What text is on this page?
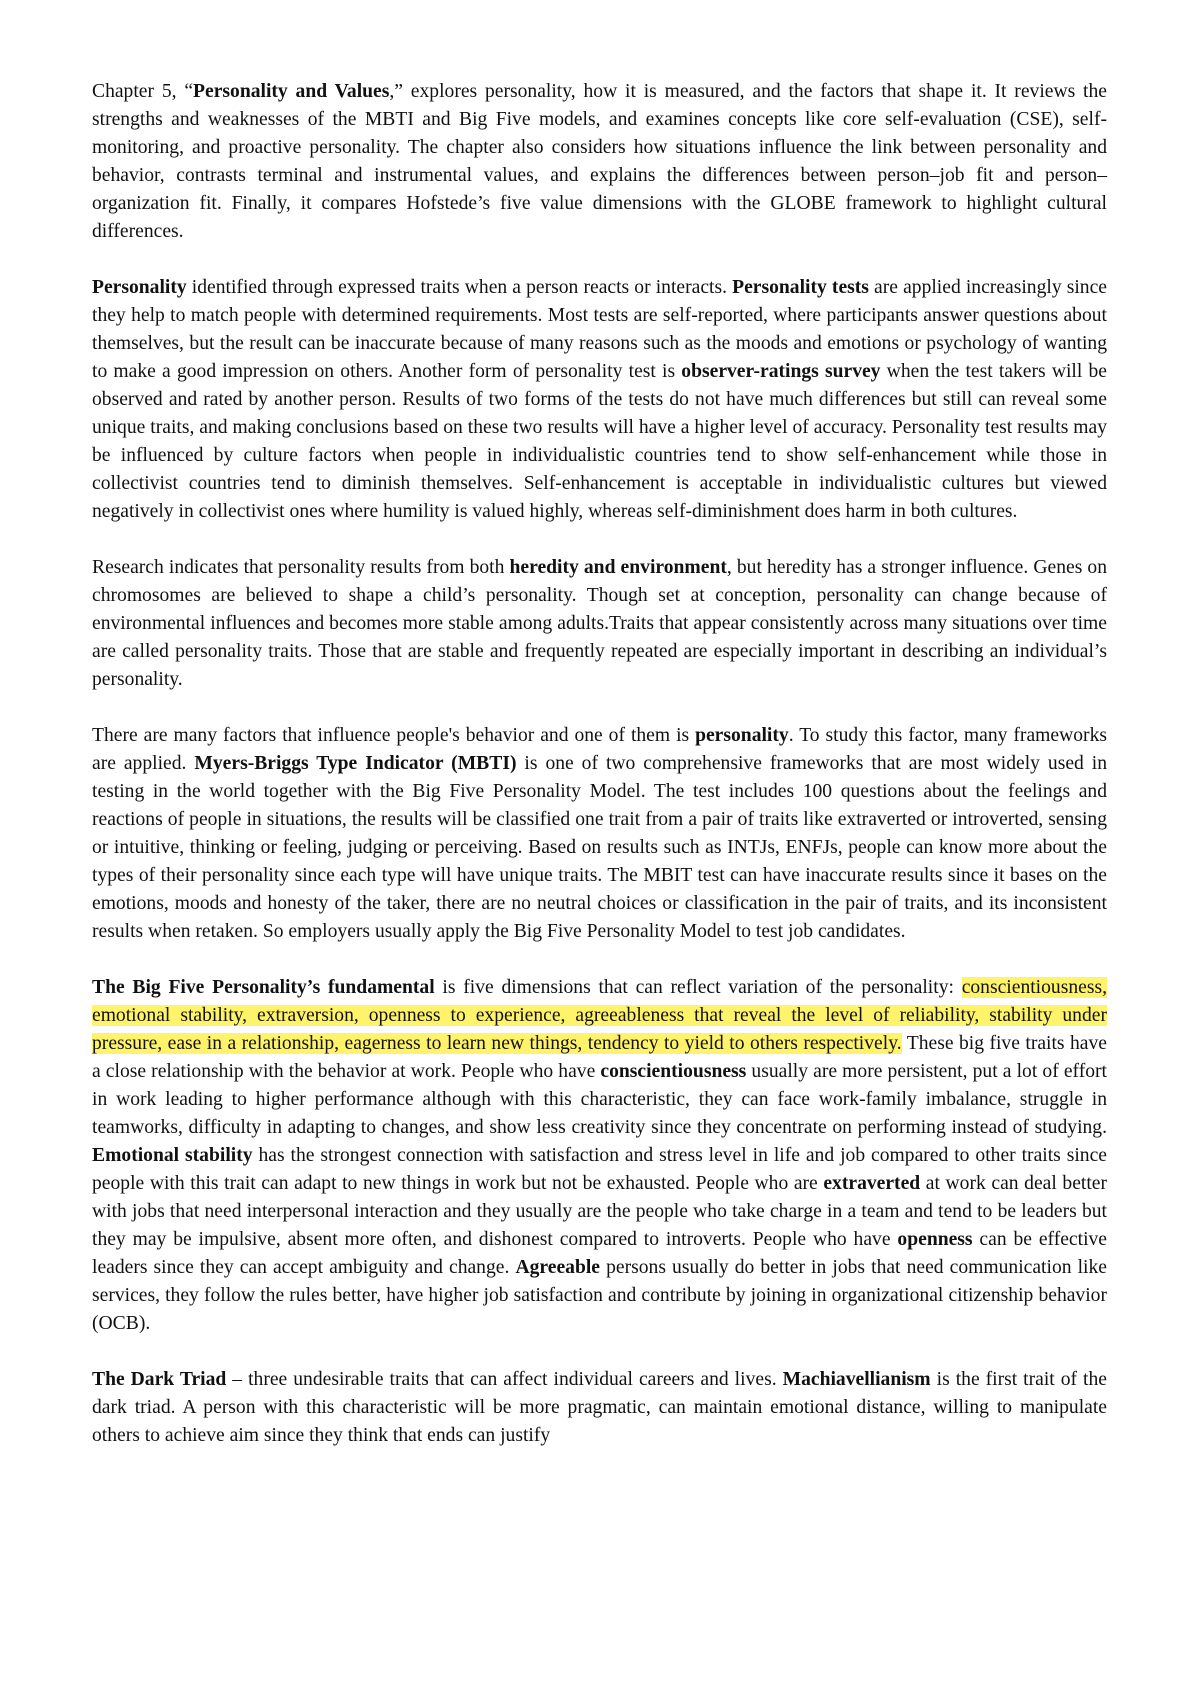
Chapter 5, “Personality and Values,” explores personality, how it is measured, and the factors that shape it. It reviews the strengths and weaknesses of the MBTI and Big Five models, and examines concepts like core self-evaluation (CSE), self-monitoring, and proactive personality. The chapter also considers how situations influence the link between personality and behavior, contrasts terminal and instrumental values, and explains the differences between person–job fit and person–organization fit. Finally, it compares Hofstede’s five value dimensions with the GLOBE framework to highlight cultural differences.

Personality identified through expressed traits when a person reacts or interacts. Personality tests are applied increasingly since they help to match people with determined requirements. Most tests are self-reported, where participants answer questions about themselves, but the result can be inaccurate because of many reasons such as the moods and emotions or psychology of wanting to make a good impression on others. Another form of personality test is observer-ratings survey when the test takers will be observed and rated by another person. Results of two forms of the tests do not have much differences but still can reveal some unique traits, and making conclusions based on these two results will have a higher level of accuracy. Personality test results may be influenced by culture factors when people in individualistic countries tend to show self-enhancement while those in collectivist countries tend to diminish themselves. Self-enhancement is acceptable in individualistic cultures but viewed negatively in collectivist ones where humility is valued highly, whereas self-diminishment does harm in both cultures.

Research indicates that personality results from both heredity and environment, but heredity has a stronger influence. Genes on chromosomes are believed to shape a child’s personality. Though set at conception, personality can change because of environmental influences and becomes more stable among adults.Traits that appear consistently across many situations over time are called personality traits. Those that are stable and frequently repeated are especially important in describing an individual’s personality.

There are many factors that influence people's behavior and one of them is personality. To study this factor, many frameworks are applied. Myers-Briggs Type Indicator (MBTI) is one of two comprehensive frameworks that are most widely used in testing in the world together with the Big Five Personality Model. The test includes 100 questions about the feelings and reactions of people in situations, the results will be classified one trait from a pair of traits like extraverted or introverted, sensing or intuitive, thinking or feeling, judging or perceiving. Based on results such as INTJs, ENFJs, people can know more about the types of their personality since each type will have unique traits. The MBIT test can have inaccurate results since it bases on the emotions, moods and honesty of the taker, there are no neutral choices or classification in the pair of traits, and its inconsistent results when retaken. So employers usually apply the Big Five Personality Model to test job candidates.

The Big Five Personality’s fundamental is five dimensions that can reflect variation of the personality: conscientiousness, emotional stability, extraversion, openness to experience, agreeableness that reveal the level of reliability, stability under pressure, ease in a relationship, eagerness to learn new things, tendency to yield to others respectively. These big five traits have a close relationship with the behavior at work. People who have conscientiousness usually are more persistent, put a lot of effort in work leading to higher performance although with this characteristic, they can face work-family imbalance, struggle in teamworks, difficulty in adapting to changes, and show less creativity since they concentrate on performing instead of studying. Emotional stability has the strongest connection with satisfaction and stress level in life and job compared to other traits since people with this trait can adapt to new things in work but not be exhausted. People who are extraverted at work can deal better with jobs that need interpersonal interaction and they usually are the people who take charge in a team and tend to be leaders but they may be impulsive, absent more often, and dishonest compared to introverts. People who have openness can be effective leaders since they can accept ambiguity and change. Agreeable persons usually do better in jobs that need communication like services, they follow the rules better, have higher job satisfaction and contribute by joining in organizational citizenship behavior (OCB).

The Dark Triad – three undesirable traits that can affect individual careers and lives. Machiavellianism is the first trait of the dark triad. A person with this characteristic will be more pragmatic, can maintain emotional distance, willing to manipulate others to achieve aim since they think that ends can justify
